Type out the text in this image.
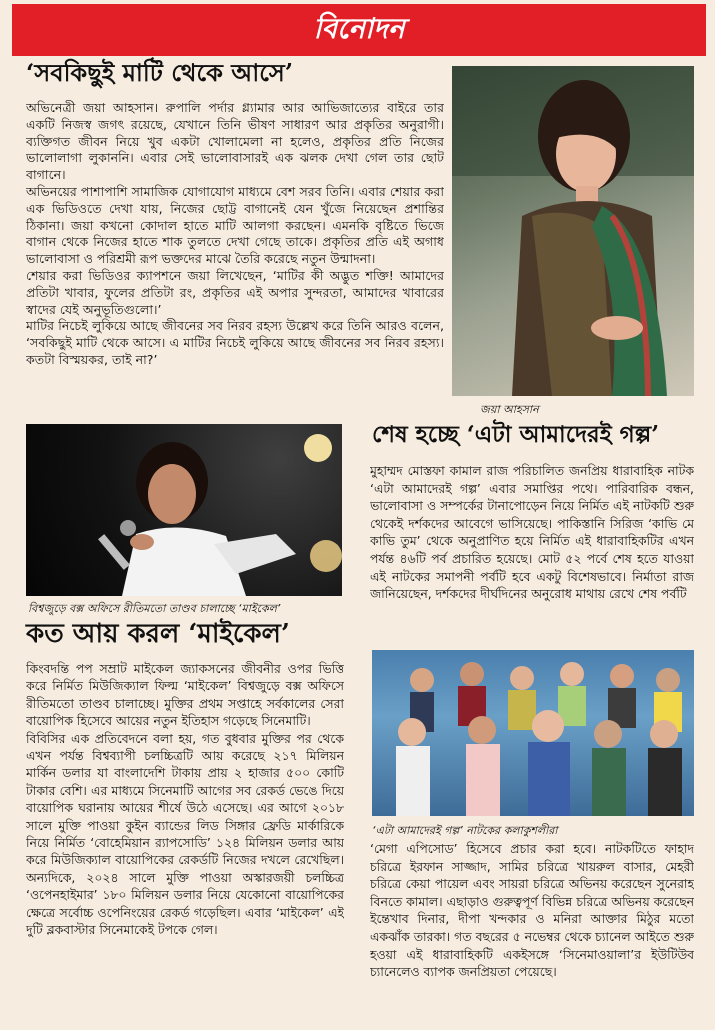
বিনোদন
‘সবকিছুই মাটি থেকে আসে’

অভিনেত্রী জয়া আহসান। রুপালি পর্দার গ্ল্যামার আর আভিজাত্যের বাইরে তার একটি নিজস্ব জগৎ রয়েছে, যেখানে তিনি ভীষণ সাধারণ আর প্রকৃতির অনুরাগী। ব্যক্তিগত জীবন নিয়ে খুব একটা খোলামেলা না হলেও, প্রকৃতির প্রতি নিজের ভালোলাগা লুকাননি। এবার সেই ভালোবাসারই এক ঝলক দেখা গেল তার ছোট বাগানে।

অভিনয়ের পাশাপাশি সামাজিক যোগাযোগ মাধ্যমে বেশ সরব তিনি। এবার শেয়ার করা এক ভিডিওতে দেখা যায়, নিজের ছোট্ট বাগানেই যেন খুঁজে নিয়েছেন প্রশান্তির ঠিকানা। জয়া কখনো কোদাল হাতে মাটি আলগা করছেন। এমনকি বৃষ্টিতে ভিজে বাগান থেকে নিজের হাতে শাক তুলতে দেখা গেছে তাকে। প্রকৃতির প্রতি এই অগাধ ভালোবাসা ও পরিশ্রমী রূপ ভক্তদের মাঝে তৈরি করেছে নতুন উন্মাদনা।

শেয়ার করা ভিডিওর ক্যাপশনে জয়া লিখেছেন, ‘মাটির কী অদ্ভুত শক্তি! আমাদের প্রতিটা খাবার, ফুলের প্রতিটা রং, প্রকৃতির এই অপার সুন্দরতা, আমাদের খাবারের স্বাদের যেই অনুভূতিগুলো।’

মাটির নিচেই লুকিয়ে আছে জীবনের সব নিরব রহস্য উল্লেখ করে তিনি আরও বলেন, ‘সবকিছুই মাটি থেকে আসে। এ মাটির নিচেই লুকিয়ে আছে জীবনের সব নিরব রহস্য। কতটা বিস্ময়কর, তাই না?’

জয়া আহসান
বিশ্বজুড়ে বক্স অফিসে রীতিমতো তাণ্ডব চালাচ্ছে ‘মাইকেল’
কত আয় করল ‘মাইকেল’

কিংবদন্তি পপ সম্রাট মাইকেল জ্যাকসনের জীবনীর ওপর ভিত্তি করে নির্মিত মিউজিক্যাল ফিল্ম ‘মাইকেল’ বিশ্বজুড়ে বক্স অফিসে রীতিমতো তাণ্ডব চালাচ্ছে। মুক্তির প্রথম সপ্তাহে সর্বকালের সেরা বায়োপিক হিসেবে আয়ের নতুন ইতিহাস গড়েছে সিনেমাটি।

বিবিসির এক প্রতিবেদনে বলা হয়, গত বুধবার মুক্তির পর থেকে এখন পর্যন্ত বিশ্বব্যাপী চলচ্চিত্রটি আয় করেছে ২১৭ মিলিয়ন মার্কিন ডলার যা বাংলাদেশি টাকায় প্রায় ২ হাজার ৫০০ কোটি টাকার বেশি। এর মাধ্যমে সিনেমাটি আগের সব রেকর্ড ভেঙে দিয়ে বায়োপিক ঘরানায় আয়ের শীর্ষে উঠে এসেছে। এর আগে ২০১৮ সালে মুক্তি পাওয়া কুইন ব্যান্ডের লিড সিঙ্গার ফ্রেডি মার্কারিকে নিয়ে নির্মিত ‘বোহেমিয়ান র‍্যাপসোডি’ ১২৪ মিলিয়ন ডলার আয় করে মিউজিক্যাল বায়োপিকের রেকর্ডটি নিজের দখলে রেখেছিল। অন্যদিকে, ২০২৪ সালে মুক্তি পাওয়া অস্কারজয়ী চলচ্চিত্র ‘ওপেনহাইমার’ ১৮০ মিলিয়ন ডলার নিয়ে যেকোনো বায়োপিকের ক্ষেত্রে সর্বোচ্চ ওপেনিংয়ের রেকর্ড গড়েছিল। এবার ‘মাইকেল’ এই দুটি ব্লকবাস্টার সিনেমাকেই টপকে গেল।

শেষ হচ্ছে ‘এটা আমাদেরই গল্প’

মুহাম্মদ মোস্তফা কামাল রাজ পরিচালিত জনপ্রিয় ধারাবাহিক নাটক ‘এটা আমাদেরই গল্প’ এবার সমাপ্তির পথে। পারিবারিক বন্ধন, ভালোবাসা ও সম্পর্কের টানাপোড়েন নিয়ে নির্মিত এই নাটকটি শুরু থেকেই দর্শকদের আবেগে ভাসিয়েছে। পাকিস্তানি সিরিজ ‘কাভি মে কাভি তুম’ থেকে অনুপ্রাণিত হয়ে নির্মিত এই ধারাবাহিকটির এখন পর্যন্ত ৪৬টি পর্ব প্রচারিত হয়েছে। মোট ৫২ পর্বে শেষ হতে যাওয়া এই নাটকের সমাপনী পর্বটি হবে একটু বিশেষভাবে। নির্মাতা রাজ জানিয়েছেন, দর্শকদের দীর্ঘদিনের অনুরোধ মাথায় রেখে শেষ পর্বটি

‘এটা আমাদেরই গল্প’ নাটকের কলাকুশলীরা

‘মেগা এপিসোড’ হিসেবে প্রচার করা হবে। নাটকটিতে ফাহাদ চরিত্রে ইরফান সাজ্জাদ, সামির চরিত্রে খায়রুল বাসার, মেহরী চরিত্রে কেয়া পায়েল এবং সায়রা চরিত্রে অভিনয় করেছেন সুনেরাহ বিনতে কামাল। এছাড়াও গুরুত্বপূর্ণ বিভিন্ন চরিত্রে অভিনয় করেছেন ইন্তেখাব দিনার, দীপা খন্দকার ও মনিরা আক্তার মিঠুর মতো একঝাঁক তারকা। গত বছরের ৫ নভেম্বর থেকে চ্যানেল আইতে শুরু হওয়া এই ধারাবাহিকটি একইসঙ্গে ‘সিনেমাওয়ালা’র ইউটিউব চ্যানেলেও ব্যাপক জনপ্রিয়তা পেয়েছে।
